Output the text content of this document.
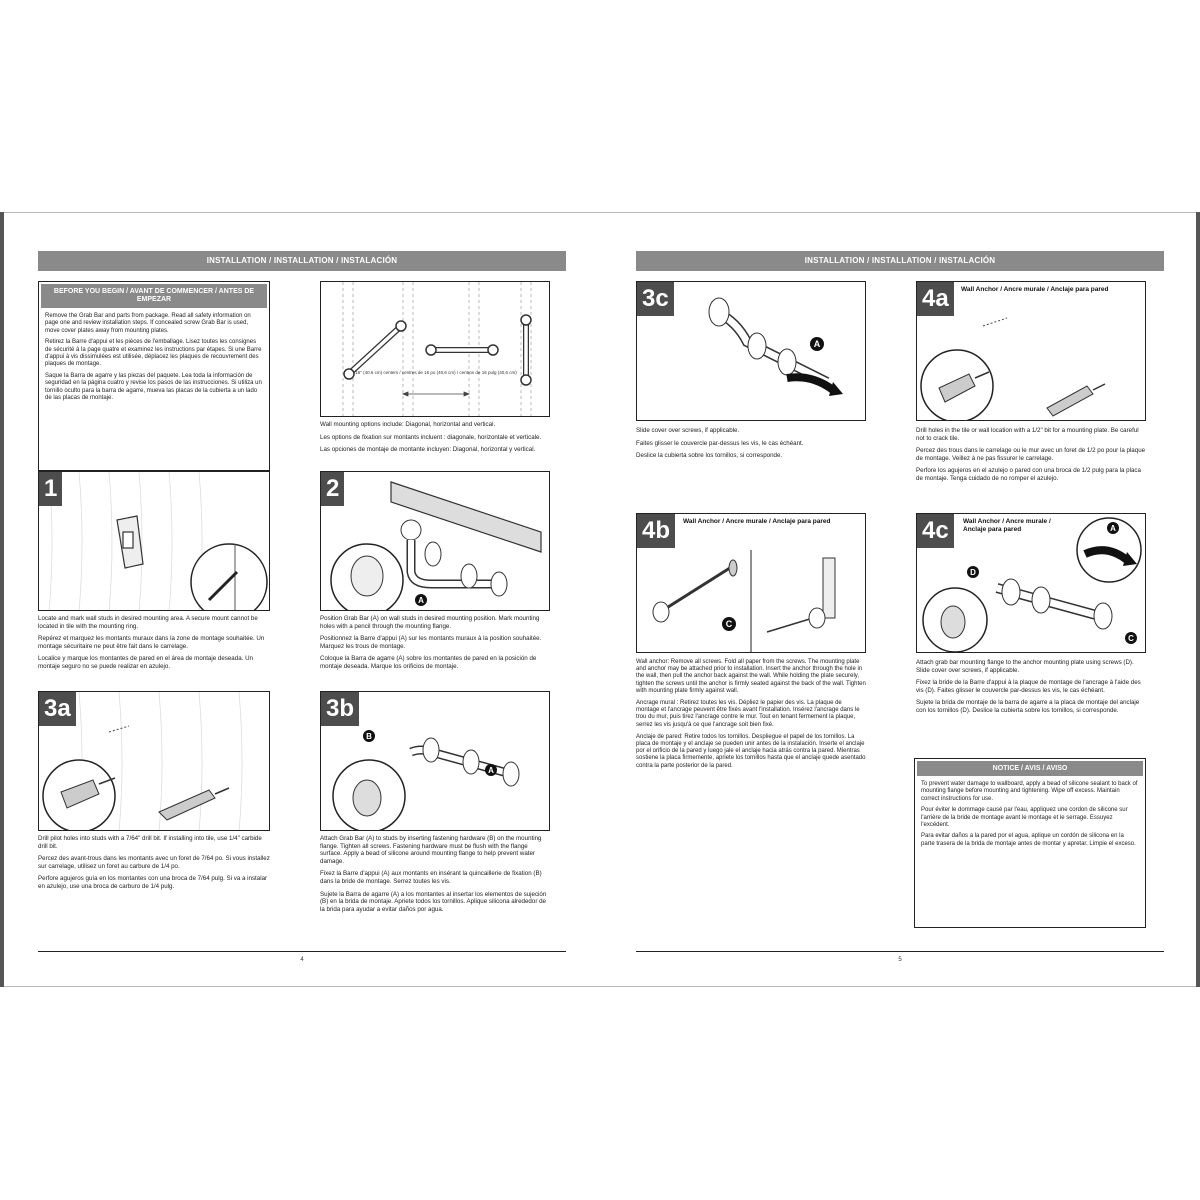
INSTALLATION / INSTALLATION / INSTALACIÓN
BEFORE YOU BEGIN / AVANT DE COMMENCER / ANTES DE EMPEZAR

Remove the Grab Bar and parts from package. Read all safety information on page one and review installation steps. If concealed screw Grab Bar is used, move cover plates away from mounting plates.

Retirez la Barre d'appui et les pièces de l'emballage. Lisez toutes les consignes de sécurité à la page quatre et examinez les instructions par étapes. Si une Barre d'appui à vis dissimulées est utilisée, déplacez les plaques de recouvrement des plaques de montage.

Saque la Barra de agarre y las piezas del paquete. Lea toda la información de seguridad en la página cuatro y revise los pasos de las instrucciones. Si utiliza un tornillo oculto para la barra de agarre, mueva las placas de la cubierta a un lado de las placas de montaje.

16" (40.6 cm) centers / centres de 16 po (40,6 cm) / centros de 16 pulg (40,6 cm)

Wall mounting options include: Diagonal, horizontal and vertical.

Les options de fixation sur montants incluent : diagonale, horizontale et verticale.

Las opciones de montaje de montante incluyen: Diagonal, horizontal y vertical.

1

Locate and mark wall studs in desired mounting area. A secure mount cannot be located in tile with the mounting ring.

Repérez et marquez les montants muraux dans la zone de montage souhaitée. Un montage sécuritaire ne peut être fait dans le carrelage.

Localice y marque los montantes de pared en el área de montaje deseada. Un montaje seguro no se puede realizar en azulejo.

A
2

Position Grab Bar (A) on wall studs in desired mounting position. Mark mounting holes with a pencil through the mounting flange.

Positionnez la Barre d'appui (A) sur les montants muraux à la position souhaitée. Marquez les trous de montage.

Coloque la Barra de agarre (A) sobre los montantes de pared en la posición de montaje deseada. Marque los orificios de montaje.

3a

Drill pilot holes into studs with a 7/64" drill bit. If installing into tile, use 1/4" carbide drill bit.

Percez des avant-trous dans les montants avec un foret de 7/64 po. Si vous installez sur carrelage, utilisez un foret au carbure de 1/4 po.

Perfore agujeros guía en los montantes con una broca de 7/64 pulg. Si va a instalar en azulejo, use una broca de carburo de 1/4 pulg.

B
A
3b

Attach Grab Bar (A) to studs by inserting fastening hardware (B) on the mounting flange. Tighten all screws. Fastening hardware must be flush with the flange surface. Apply a bead of silicone around mounting flange to help prevent water damage.

Fixez la Barre d'appui (A) aux montants en insérant la quincaillerie de fixation (B) dans la bride de montage. Serrez toutes les vis.

Sujete la Barra de agarre (A) a los montantes al insertar los elementos de sujeción (B) en la brida de montaje. Apriete todos los tornillos. Aplique silicona alrededor de la brida para ayudar a evitar daños por agua.

4
INSTALLATION / INSTALLATION / INSTALACIÓN
A
3c

Slide cover over screws, if applicable.

Faites glisser le couvercle par-dessus les vis, le cas échéant.

Deslice la cubierta sobre los tornillos, si corresponde.

4a	Wall Anchor / Ancre murale / Anclaje para pared

Drill holes in the tile or wall location with a 1/2" bit for a mounting plate. Be careful not to crack tile.

Percez des trous dans le carrelage ou le mur avec un foret de 1/2 po pour la plaque de montage. Veillez à ne pas fissurer le carrelage.

Perfore los agujeros en el azulejo o pared con una broca de 1/2 pulg para la placa de montaje. Tenga cuidado de no romper el azulejo.

C
4b	Wall Anchor / Ancre murale / Anclaje para pared

Wall anchor: Remove all screws. Fold all paper from the screws. The mounting plate and anchor may be attached prior to installation. Insert the anchor through the hole in the wall, then pull the anchor back against the wall. While holding the plate securely, tighten the screws until the anchor is firmly seated against the back of the wall. Tighten with mounting plate firmly against wall.

Ancrage mural : Retirez toutes les vis. Dépliez le papier des vis. La plaque de montage et l'ancrage peuvent être fixés avant l'installation. Insérez l'ancrage dans le trou du mur, puis tirez l'ancrage contre le mur. Tout en tenant fermement la plaque, serrez les vis jusqu'à ce que l'ancrage soit bien fixé.

Anclaje de pared: Retire todos los tornillos. Despliegue el papel de los tornillos. La placa de montaje y el anclaje se pueden unir antes de la instalación. Inserte el anclaje por el orificio de la pared y luego jale el anclaje hacia atrás contra la pared. Mientras sostiene la placa firmemente, apriete los tornillos hasta que el anclaje quede asentado contra la parte posterior de la pared.

A
D
C
4c	Wall Anchor / Ancre murale / Anclaje para pared

Attach grab bar mounting flange to the anchor mounting plate using screws (D). Slide cover over screws, if applicable.

Fixez la bride de la Barre d'appui à la plaque de montage de l'ancrage à l'aide des vis (D). Faites glisser le couvercle par-dessus les vis, le cas échéant.

Sujete la brida de montaje de la barra de agarre a la placa de montaje del anclaje con los tornillos (D). Deslice la cubierta sobre los tornillos, si corresponde.

NOTICE / AVIS / AVISO

To prevent water damage to wallboard, apply a bead of silicone sealant to back of mounting flange before mounting and tightening. Wipe off excess. Maintain correct instructions for use.

Pour éviter le dommage causé par l'eau, appliquez une cordon de silicone sur l'arrière de la bride de montage avant le montage et le serrage. Essuyez l'excédent.

Para evitar daños a la pared por el agua, aplique un cordón de silicona en la parte trasera de la brida de montaje antes de montar y apretar. Limpie el exceso.

5
